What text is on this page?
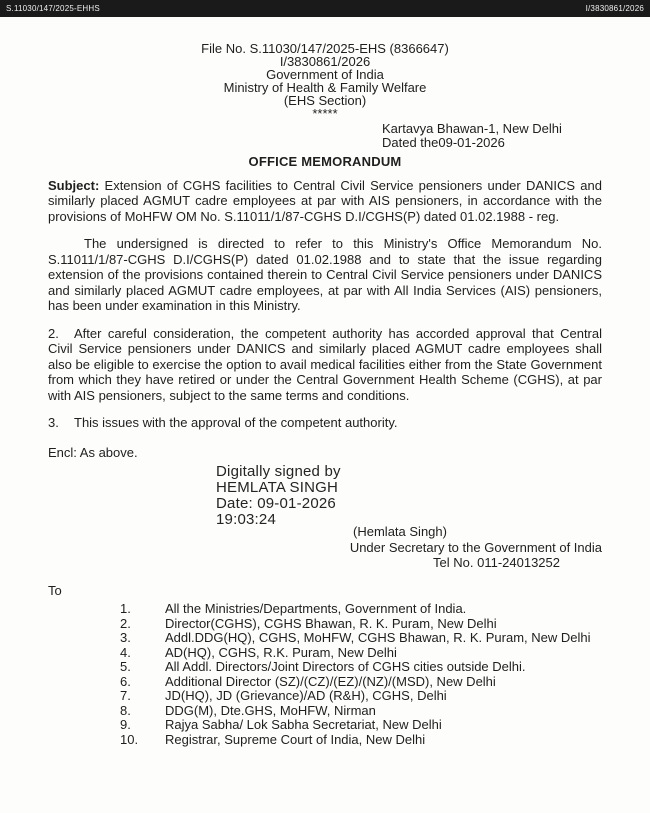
S.11030/147/2025-EHHS	I/3830861/2026
File No. S.11030/147/2025-EHS (8366647)
I/3830861/2026
Government of India
Ministry of Health & Family Welfare
(EHS Section)
*****
Kartavya Bhawan-1, New Delhi
Dated the09-01-2026
OFFICE MEMORANDUM

Subject: Extension of CGHS facilities to Central Civil Service pensioners under DANICS and similarly placed AGMUT cadre employees at par with AIS pensioners, in accordance with the provisions of MoHFW OM No. S.11011/1/87-CGHS D.I/CGHS(P) dated 01.02.1988 - reg.

The undersigned is directed to refer to this Ministry's Office Memorandum No. S.11011/1/87-CGHS D.I/CGHS(P) dated 01.02.1988 and to state that the issue regarding extension of the provisions contained therein to Central Civil Service pensioners under DANICS and similarly placed AGMUT cadre employees, at par with All India Services (AIS) pensioners, has been under examination in this Ministry.

2. After careful consideration, the competent authority has accorded approval that Central Civil Service pensioners under DANICS and similarly placed AGMUT cadre employees shall also be eligible to exercise the option to avail medical facilities either from the State Government from which they have retired or under the Central Government Health Scheme (CGHS), at par with AIS pensioners, subject to the same terms and conditions.

3. This issues with the approval of the competent authority.

Encl: As above.
Digitally signed by
HEMLATA SINGH
Date: 09-01-2026
19:03:24
(Hemlata Singh)
Under Secretary to the Government of India
Tel No. 011-24013252
To
1.	All the Ministries/Departments, Government of India.
2.	Director(CGHS), CGHS Bhawan, R. K. Puram, New Delhi
3.	Addl.DDG(HQ), CGHS, MoHFW, CGHS Bhawan, R. K. Puram, New Delhi
4.	AD(HQ), CGHS, R.K. Puram, New Delhi
5.	All Addl. Directors/Joint Directors of CGHS cities outside Delhi.
6.	Additional Director (SZ)/(CZ)/(EZ)/(NZ)/(MSD), New Delhi
7.	JD(HQ), JD (Grievance)/AD (R&H), CGHS, Delhi
8.	DDG(M), Dte.GHS, MoHFW, Nirman
9.	Rajya Sabha/ Lok Sabha Secretariat, New Delhi
10. Registrar, Supreme Court of India, New Delhi
